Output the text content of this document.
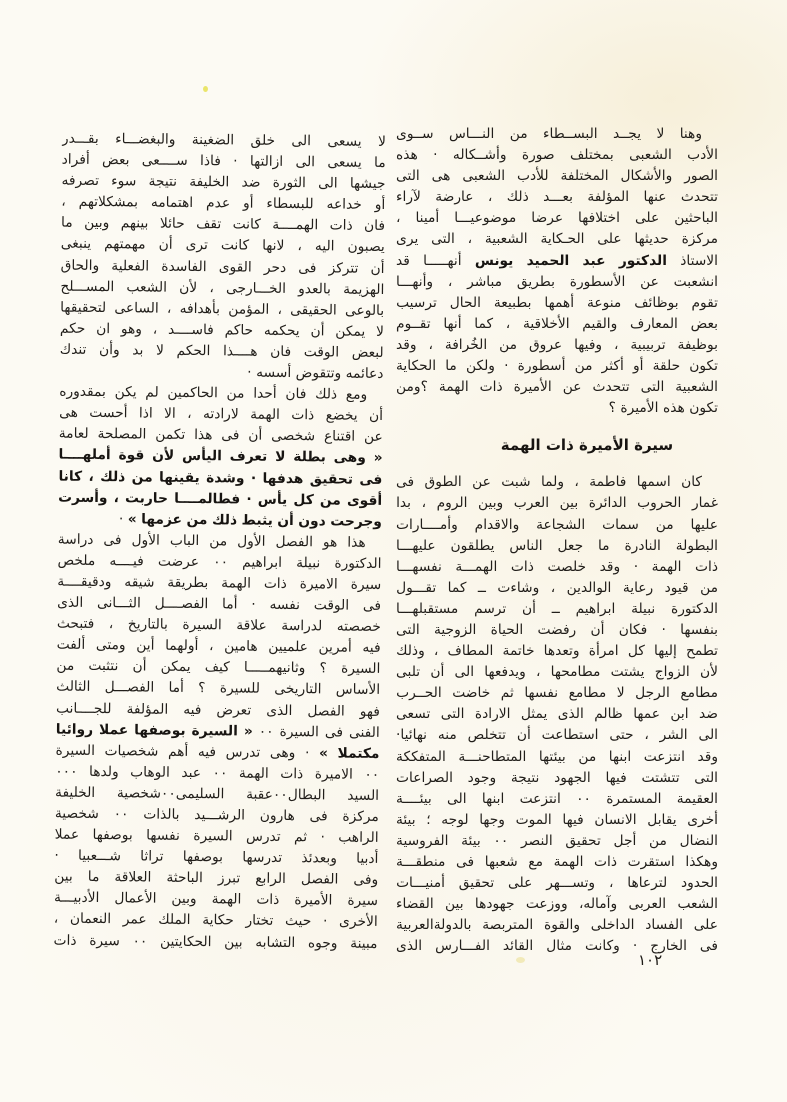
وهنا
لا
يجــد
البســطاء
من
النـــاس
ســوى
الأدب
الشعبى
بمختلف
صورة
وأشــكاله
·
هذه
الصور
والأشكال
المختلفة
للأدب
الشعبى
هى
التى
تتحدث
عنها
المؤلفة
بعـــد
ذلك
،
عارضة
لآراء
الباحثين
على
اختلافها
عرضا
موضوعيـــا
أمينا
،
مركزة
حديثها
على
الحـكاية
الشعبية
،
التى
يرى
الاستاذ
الدكتور
عبد
الحميد
يونس
أنهـــــا
قد
انشعبت
عن
الأسطورة
بطريق
مباشر
،
وأنهـــا
تقوم
بوظائف
منوعة
أهمها
بطبيعة
الحال
ترسيب
بعض
المعارف
والقيم
الأخلاقية
،
كما
أنها
تقــوم
بوظيفة
تربيبية
،
وفيها
عروق
من
الخُرافة
،
وقد
تكون
حلقة
أو
أكثر
من
أسطورة
·
ولكن
ما
الحكاية
الشعبية
التى
تتحدث
عن
الأميرة
ذات
الهمة
؟ومن
تكون
هذه
الأميرة
؟
سيرة الأميرة ذات الهمة
كان
اسمها
فاطمة
،
ولما
شبت
عن
الطوق
فى
غمار
الحروب
الدائرة
بين
العرب
وبين
الروم
،
بدا
عليها
من
سمات
الشجاعة
والاقدام
وأمــــارات
البطولة
النادرة
ما
جعل
الناس
يطلقون
عليهـــا
ذات
الهمة
·
وقد
خلصت
ذات
الهمـــة
نفسهـــا
من
قيود
رعاية
الوالدين
،
وشاءت
ــ
كما
تقـــول
الدكتورة
نبيلة
ابراهيم
ــ
أن
ترسم
مستقبلهـــا
بنفسها
·
فكان
أن
رفضت
الحياة
الزوجية
التى
تطمح
إليها
كل
امرأة
وتعدها
خاتمة
المطاف
،
وذلك
لأن
الزواج
يشتت
مطامحها
،
ويدفعها
الى
أن
تلبى
مطامع
الرجل
لا
مطامع
نفسها
ثم
خاضت
الحــرب
ضد
ابن
عمها
ظالم
الذى
يمثل
الارادة
التى
تسعى
الى
الشر
،
حتى
استطاعت
أن
تتخلص
منه
نهائيا·
وقد
انتزعت
ابنها
من
بيئتها
المتطاحنـــة
المتفككة
التى
تتشتت
فيها
الجهود
نتيجة
وجود
الصراعات
العقيمة
المستمرة
٠٠
انتزعت
ابنها
الى
بيئــــة
أخرى
يقابل
الانسان
فيها
الموت
وجها
لوجه
؛
بيئة
النضال
من
أجل
تحقيق
النصر
٠٠
بيئة
الفروسية
وهكذا
استقرت
ذات
الهمة
مع
شعبها
فى
منطقـــة
الحدود
لترعاها
،
وتســـهر
على
تحقيق
أمنيـــات
الشعب
العربى
وآماله،
ووزعت
جهودها
بين
القضاء
على
الفساد
الداخلى
والقوة
المتربصة
بالدولةالعربية
فى
الخارج
·
وكانت
مثال
القائد
الفـــارس
الذى
لا
يسعى
الى
خلق
الضغينة
والبغضـــاء
بقـــدر
ما
يسعى
الى
ازالتها
·
فاذا
ســــعى
بعض
أفراد
جيشها
الى
الثورة
ضد
الخليفة
نتيجة
سوء
تصرفه
أو
خداعه
للبسطاء
أو
عدم
اهتمامه
بمشكلاتهم
،
فان
ذات
الهمــــة
كانت
تقف
حائلا
بينهم
وبين
ما
يصبون
اليه
،
لانها
كانت
ترى
أن
مهمتهم
ينبغى
أن
تتركز
فى
دحر
القوى
الفاسدة
الفعلية
والحاق
الهزيمة
بالعدو
الخـــارجى
،
لأن
الشعب
المســـلح
بالوعى
الحقيقى
،
المؤمن
بأهدافه
،
الساعى
لتحقيقها
لا
يمكن
أن
يحكمه
حاكم
فاســــد
،
وهو
ان
حكم
لبعض
الوقت
فان
هــــذا
الحكم
لا
بد
وأن
تندك
دعائمه
وتتقوض
أسسه
·
ومع
ذلك
فان
أحدا
من
الحاكمين
لم
يكن
بمقدوره
أن
يخضع
ذات
الهمة
لارادته
،
الا
اذا
أحست
هى
عن
اقتناع
شخصى
أن
فى
هذا
تكمن
المصلحة
لعامة
«
وهى
بطلة
لا
تعرف
اليأس
لأن
قوة
أملهــــا
فى
تحقيق
هدفها
·
وشدة
يقينها
من
ذلك
،
كانا
أقوى
من
كل
يأس
·
فطالمــــا
حاربت
،
وأسرت
وجرحت
دون
أن
يثبط
ذلك
من
عزمها
»
·
هذا
هو
الفصل
الأول
من
الباب
الأول
فى
دراسة
الدكتورة
نبيلة
ابراهيم
٠٠
عرضت
فيــــه
ملخص
سيرة
الاميرة
ذات
الهمة
بطريقة
شيقه
ودقيقــــة
فى
الوقت
نفسه
·
أما
الفصــــل
الثـــانى
الذى
خصصته
لدراسة
علاقة
السيرة
بالتاريخ
،
فتبحث
فيه
أمرين
علميين
هامين
،
أولهما
أين
ومتى
ألفت
السيرة
؟
وثانيهمـــــا
كيف
يمكن
أن
نتثبت
من
الأساس
التاريخى
للسيرة
؟
أما
الفصـــل
الثالث
فهو
الفصل
الذى
تعرض
فيه
المؤلفة
للجــــانب
الفنى
فى
السيرة
٠٠
«
السيرة
بوصفها
عملا
روائيا
مكتملا
»
·
وهى
تدرس
فيه
أهم
شخصيات
السيرة
٠٠
الاميرة
ذات
الهمة
٠٠
عبد
الوهاب
ولدها
٠٠٠
السيد
البطال٠٠عقبة
السليمى٠٠شخصية
الخليفة
مركزة
فى
هارون
الرشـــيد
بالذات
٠٠
شخصية
الراهب
·
ثم
تدرس
السيرة
نفسها
بوصفها
عملا
أدبيا
وبعدئذ
تدرسها
بوصفها
تراثا
شـــعبيا
·
وفى
الفصل
الرابع
تبرز
الباحثة
العلاقة
ما
بين
سيرة
الأميرة
ذات
الهمة
وبين
الأعمال
الأدبيـــة
الأخرى
·
حيث
تختار
حكاية
الملك
عمر
النعمان
،
مبينة
وجوه
التشابه
بين
الحكايتين
٠٠
سيرة
ذات
١٠٢
